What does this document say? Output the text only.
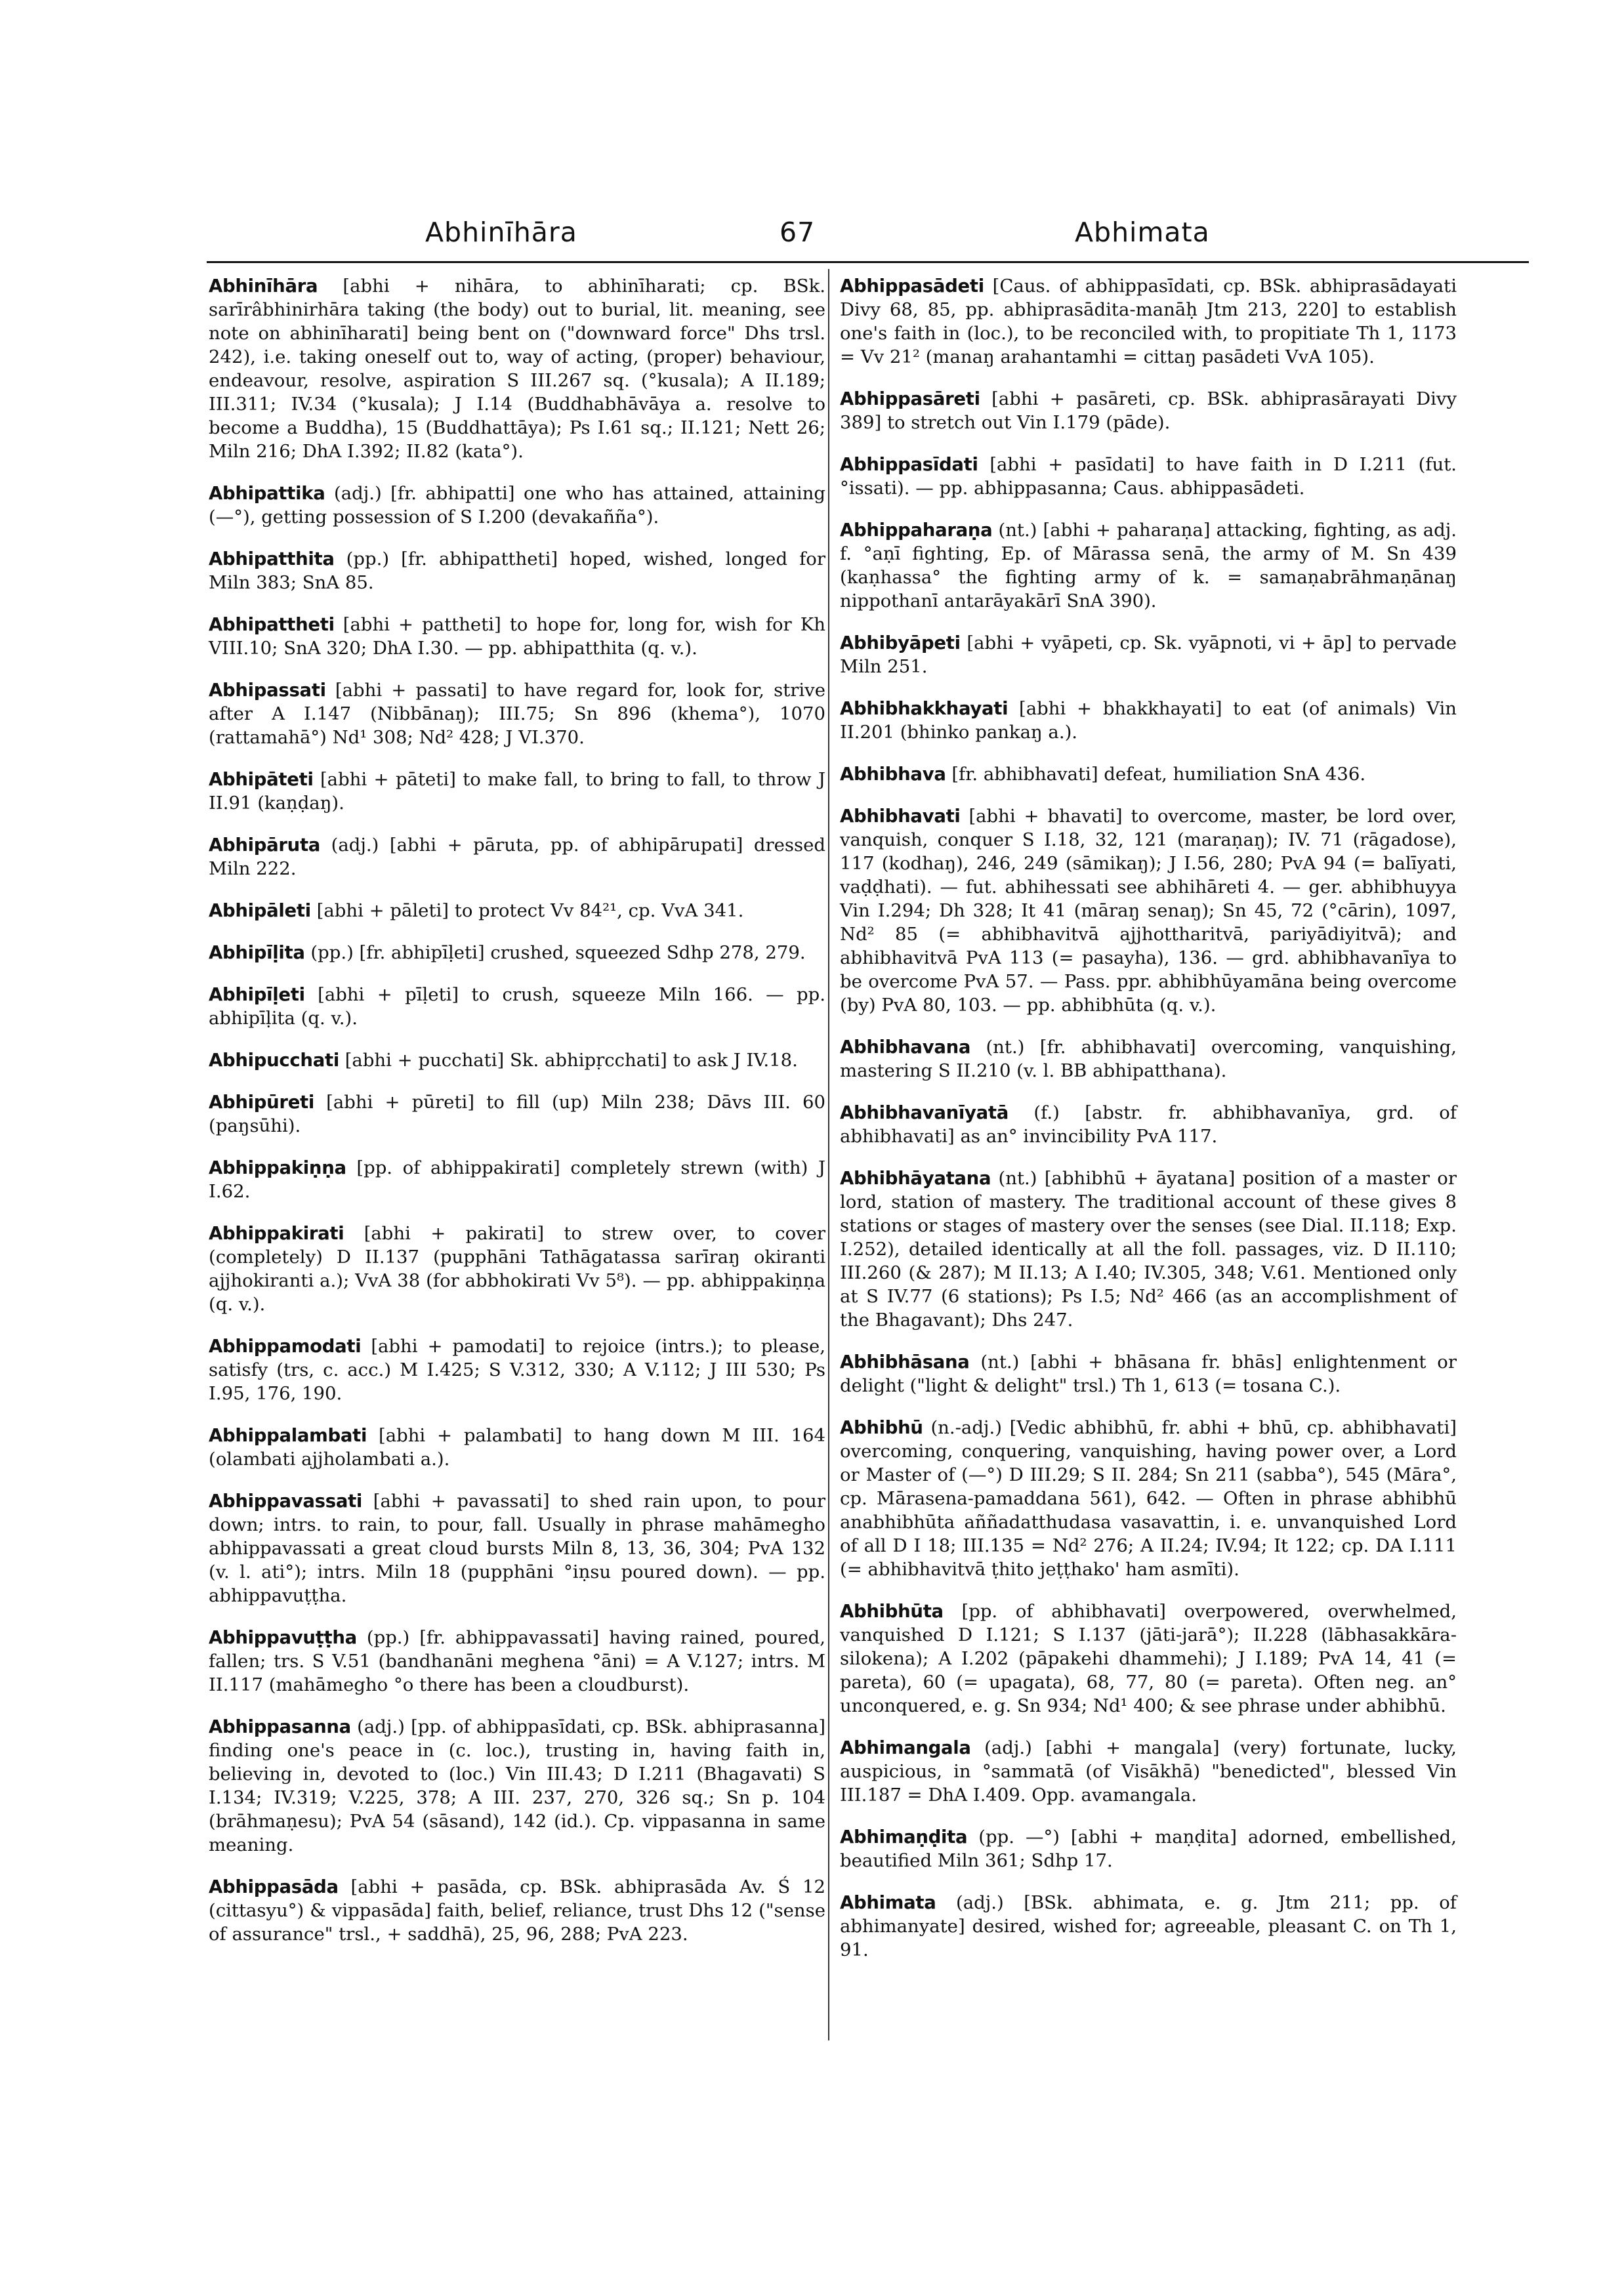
Abhinīhāra	67	Abhimata
Abhinīhāra [abhi + nihāra, to abhinīharati; cp. BSk. sarīrâbhinirhāra taking (the body) out to burial, lit. meaning, see note on abhinīharati] being bent on ("downward force" Dhs trsl. 242), i.e. taking oneself out to, way of acting, (proper) behaviour, endeavour, resolve, aspiration S III.267 sq. (°kusala); A II.189; III.311; IV.34 (°kusala); J I.14 (Buddhabhāvāya a. resolve to become a Buddha), 15 (Buddhattāya); Ps I.61 sq.; II.121; Nett 26; Miln 216; DhA I.392; II.82 (kata°).
Abhipattika (adj.) [fr. abhipatti] one who has attained, attaining (—°), getting possession of S I.200 (devakañña°).
Abhipatthita (pp.) [fr. abhipattheti] hoped, wished, longed for Miln 383; SnA 85.
Abhipattheti [abhi + pattheti] to hope for, long for, wish for Kh VIII.10; SnA 320; DhA I.30. — pp. abhipatthita (q. v.).
Abhipassati [abhi + passati] to have regard for, look for, strive after A I.147 (Nibbānaŋ); III.75; Sn 896 (khema°), 1070 (rattamahā°) Nd¹ 308; Nd² 428; J VI.370.
Abhipāteti [abhi + pāteti] to make fall, to bring to fall, to throw J II.91 (kaṇḍaŋ).
Abhipāruta (adj.) [abhi + pāruta, pp. of abhipārupati] dressed Miln 222.
Abhipāleti [abhi + pāleti] to protect Vv 84²¹, cp. VvA 341.
Abhipīḷita (pp.) [fr. abhipīḷeti] crushed, squeezed Sdhp 278, 279.
Abhipīḷeti [abhi + pīḷeti] to crush, squeeze Miln 166. — pp. abhipīḷita (q. v.).
Abhipucchati [abhi + pucchati] Sk. abhipṛcchati] to ask J IV.18.
Abhipūreti [abhi + pūreti] to fill (up) Miln 238; Dāvs III. 60 (paŋsūhi).
Abhippakiṇṇa [pp. of abhippakirati] completely strewn (with) J I.62.
Abhippakirati [abhi + pakirati] to strew over, to cover (completely) D II.137 (pupphāni Tathāgatassa sarīraŋ okiranti ajjhokiranti a.); VvA 38 (for abbhokirati Vv 5⁸). — pp. abhippakiṇṇa (q. v.).
Abhippamodati [abhi + pamodati] to rejoice (intrs.); to please, satisfy (trs, c. acc.) M I.425; S V.312, 330; A V.112; J III 530; Ps I.95, 176, 190.
Abhippalambati [abhi + palambati] to hang down M III. 164 (olambati ajjholambati a.).
Abhippavassati [abhi + pavassati] to shed rain upon, to pour down; intrs. to rain, to pour, fall. Usually in phrase mahāmegho abhippavassati a great cloud bursts Miln 8, 13, 36, 304; PvA 132 (v. l. ati°); intrs. Miln 18 (pupphāni °iṇsu poured down). — pp. abhippavuṭṭha.
Abhippavuṭṭha (pp.) [fr. abhippavassati] having rained, poured, fallen; trs. S V.51 (bandhanāni meghena °āni) = A V.127; intrs. M II.117 (mahāmegho °o there has been a cloudburst).
Abhippasanna (adj.) [pp. of abhippasīdati, cp. BSk. abhiprasanna] finding one's peace in (c. loc.), trusting in, having faith in, believing in, devoted to (loc.) Vin III.43; D I.211 (Bhagavati) S I.134; IV.319; V.225, 378; A III. 237, 270, 326 sq.; Sn p. 104 (brāhmaṇesu); PvA 54 (sāsand), 142 (id.). Cp. vippasanna in same meaning.
Abhippasāda [abhi + pasāda, cp. BSk. abhiprasāda Av. Ś 12 (cittasyu°) & vippasāda] faith, belief, reliance, trust Dhs 12 ("sense of assurance" trsl., + saddhā), 25, 96, 288; PvA 223.
Abhippasādeti [Caus. of abhippasīdati, cp. BSk. abhiprasādayati Divy 68, 85, pp. abhiprasādita-manāḥ Jtm 213, 220] to establish one's faith in (loc.), to be reconciled with, to propitiate Th 1, 1173 = Vv 21² (manaŋ arahantamhi = cittaŋ pasādeti VvA 105).
Abhippasāreti [abhi + pasāreti, cp. BSk. abhiprasārayati Divy 389] to stretch out Vin I.179 (pāde).
Abhippasīdati [abhi + pasīdati] to have faith in D I.211 (fut. °issati). — pp. abhippasanna; Caus. abhippasādeti.
Abhippaharaṇa (nt.) [abhi + paharaṇa] attacking, fighting, as adj. f. °aṇī fighting, Ep. of Mārassa senā, the army of M. Sn 439 (kaṇhassa° the fighting army of k. = samaṇabrāhmaṇānaŋ nippothanī antarāyakārī SnA 390).
Abhibyāpeti [abhi + vyāpeti, cp. Sk. vyāpnoti, vi + āp] to pervade Miln 251.
Abhibhakkhayati [abhi + bhakkhayati] to eat (of animals) Vin II.201 (bhinko pankaŋ a.).
Abhibhava [fr. abhibhavati] defeat, humiliation SnA 436.
Abhibhavati [abhi + bhavati] to overcome, master, be lord over, vanquish, conquer S I.18, 32, 121 (maraṇaŋ); IV. 71 (rāgadose), 117 (kodhaŋ), 246, 249 (sāmikaŋ); J I.56, 280; PvA 94 (= balīyati, vaḍḍhati). — fut. abhihessati see abhihāreti 4. — ger. abhibhuyya Vin I.294; Dh 328; It 41 (māraŋ senaŋ); Sn 45, 72 (°cārin), 1097, Nd² 85 (= abhibhavitvā ajjhottharitvā, pariyādiyitvā); and abhibhavitvā PvA 113 (= pasayha), 136. — grd. abhibhavanīya to be overcome PvA 57. — Pass. ppr. abhibhūyamāna being overcome (by) PvA 80, 103. — pp. abhibhūta (q. v.).
Abhibhavana (nt.) [fr. abhibhavati] overcoming, vanquishing, mastering S II.210 (v. l. BB abhipatthana).
Abhibhavanīyatā (f.) [abstr. fr. abhibhavanīya, grd. of abhibhavati] as an° invincibility PvA 117.
Abhibhāyatana (nt.) [abhibhū + āyatana] position of a master or lord, station of mastery. The traditional account of these gives 8 stations or stages of mastery over the senses (see Dial. II.118; Exp. I.252), detailed identically at all the foll. passages, viz. D II.110; III.260 (& 287); M II.13; A I.40; IV.305, 348; V.61. Mentioned only at S IV.77 (6 stations); Ps I.5; Nd² 466 (as an accomplishment of the Bhagavant); Dhs 247.
Abhibhāsana (nt.) [abhi + bhāsana fr. bhās] enlightenment or delight ("light & delight" trsl.) Th 1, 613 (= tosana C.).
Abhibhū (n.-adj.) [Vedic abhibhū, fr. abhi + bhū, cp. abhibhavati] overcoming, conquering, vanquishing, having power over, a Lord or Master of (—°) D III.29; S II. 284; Sn 211 (sabba°), 545 (Māra°, cp. Mārasena-pamaddana 561), 642. — Often in phrase abhibhū anabhibhūta aññadatthudasa vasavattin, i. e. unvanquished Lord of all D I 18; III.135 = Nd² 276; A II.24; IV.94; It 122; cp. DA I.111 (= abhibhavitvā ṭhito jeṭṭhako' ham asmīti).
Abhibhūta [pp. of abhibhavati] overpowered, overwhelmed, vanquished D I.121; S I.137 (jāti-jarā°); II.228 (lābhasakkāra-silokena); A I.202 (pāpakehi dhammehi); J I.189; PvA 14, 41 (= pareta), 60 (= upagata), 68, 77, 80 (= pareta). Often neg. an° unconquered, e. g. Sn 934; Nd¹ 400; & see phrase under abhibhū.
Abhimangala (adj.) [abhi + mangala] (very) fortunate, lucky, auspicious, in °sammatā (of Visākhā) "benedicted", blessed Vin III.187 = DhA I.409. Opp. avamangala.
Abhimaṇḍita (pp. —°) [abhi + maṇḍita] adorned, embellished, beautified Miln 361; Sdhp 17.
Abhimata (adj.) [BSk. abhimata, e. g. Jtm 211; pp. of abhimanyate] desired, wished for; agreeable, pleasant C. on Th 1, 91.
